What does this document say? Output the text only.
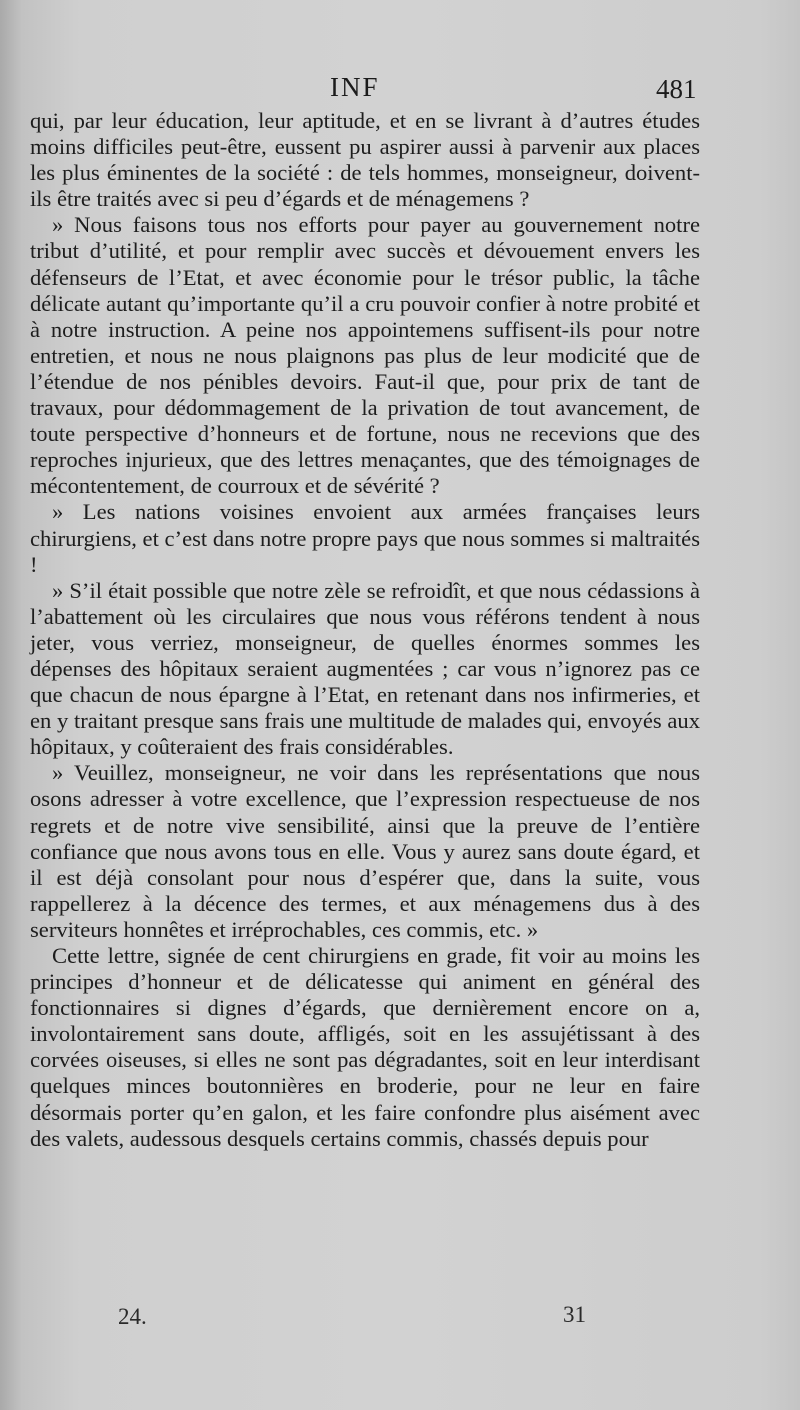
INF	481

qui, par leur éducation, leur aptitude, et en se livrant à d’autres études moins difficiles peut-être, eussent pu aspirer aussi à parvenir aux places les plus éminentes de la société : de tels hommes, monseigneur, doivent-ils être traités avec si peu d’égards et de ménagemens ?

» Nous faisons tous nos efforts pour payer au gouvernement notre tribut d’utilité, et pour remplir avec succès et dévouement envers les défenseurs de l’Etat, et avec économie pour le trésor public, la tâche délicate autant qu’importante qu’il a cru pouvoir confier à notre probité et à notre instruction. A peine nos appointemens suffisent-ils pour notre entretien, et nous ne nous plaignons pas plus de leur modicité que de l’étendue de nos pénibles devoirs. Faut-il que, pour prix de tant de travaux, pour dédommagement de la privation de tout avancement, de toute perspective d’honneurs et de fortune, nous ne recevions que des reproches injurieux, que des lettres menaçantes, que des témoignages de mécontentement, de courroux et de sévérité ?

» Les nations voisines envoient aux armées françaises leurs chirurgiens, et c’est dans notre propre pays que nous sommes si maltraités !

» S’il était possible que notre zèle se refroidît, et que nous cédassions à l’abattement où les circulaires que nous vous référons tendent à nous jeter, vous verriez, monseigneur, de quelles énormes sommes les dépenses des hôpitaux seraient augmentées ; car vous n’ignorez pas ce que chacun de nous épargne à l’Etat, en retenant dans nos infirmeries, et en y traitant presque sans frais une multitude de malades qui, envoyés aux hôpitaux, y coûteraient des frais considérables.

» Veuillez, monseigneur, ne voir dans les représentations que nous osons adresser à votre excellence, que l’expression respectueuse de nos regrets et de notre vive sensibilité, ainsi que la preuve de l’entière confiance que nous avons tous en elle. Vous y aurez sans doute égard, et il est déjà consolant pour nous d’espérer que, dans la suite, vous rappellerez à la décence des termes, et aux ménagemens dus à des serviteurs honnêtes et irréprochables, ces commis, etc. »

Cette lettre, signée de cent chirurgiens en grade, fit voir au moins les principes d’honneur et de délicatesse qui animent en général des fonctionnaires si dignes d’égards, que dernièrement encore on a, involontairement sans doute, affligés, soit en les assujétissant à des corvées oiseuses, si elles ne sont pas dégradantes, soit en leur interdisant quelques minces boutonnières en broderie, pour ne leur en faire désormais porter qu’en galon, et les faire confondre plus aisément avec des valets, audessous desquels certains commis, chassés depuis pour

24.	31
